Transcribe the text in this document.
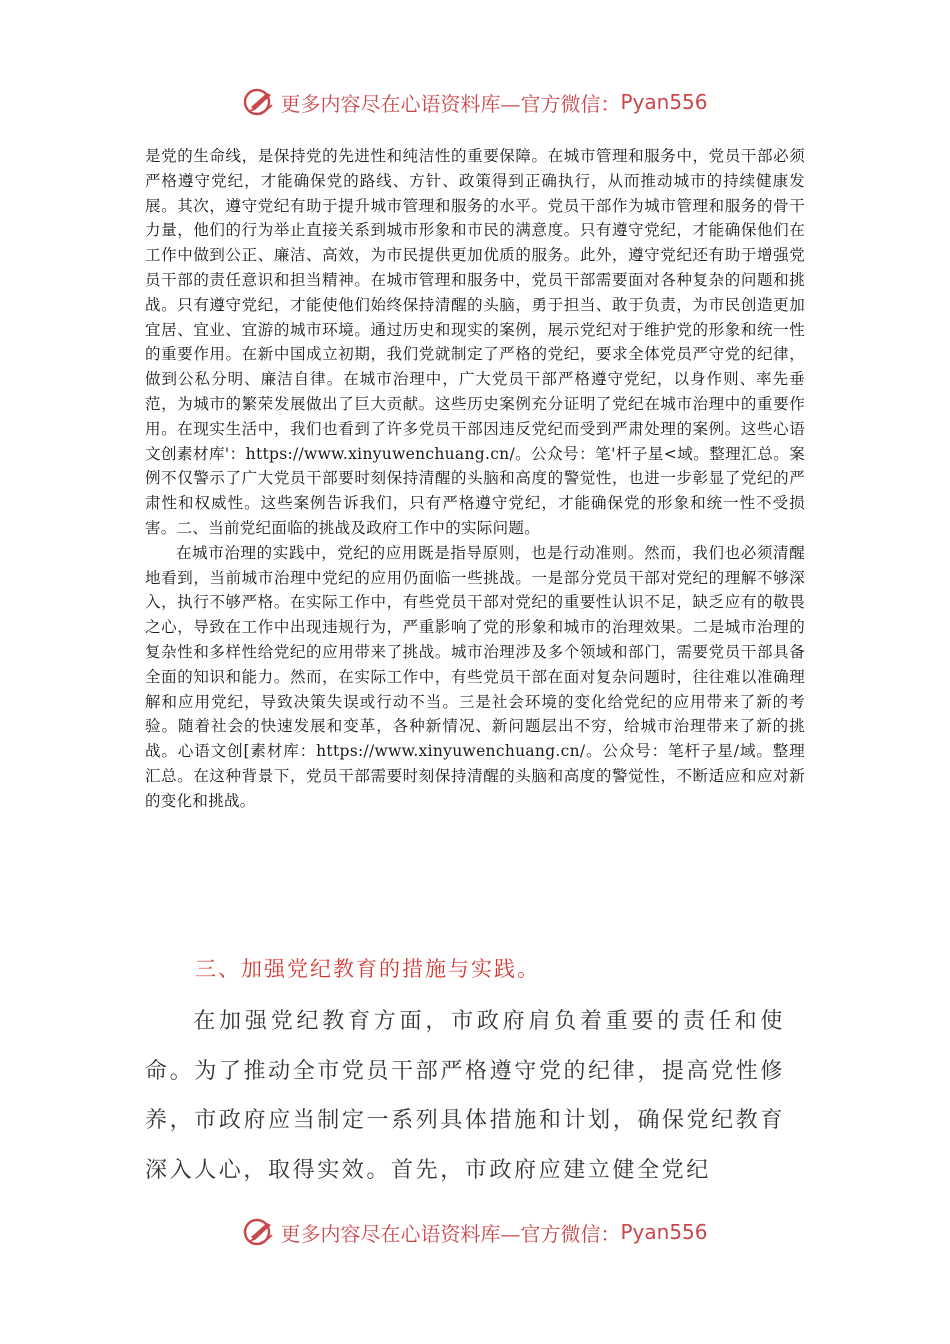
更多内容尽在心语资料库—官方微信： Pyan556

是党的生命线，是保持党的先进性和纯洁性的重要保障。在城市管理和服务中，党员干部必须严格遵守党纪，才能确保党的路线、方针、政策得到正确执行，从而推动城市的持续健康发展。其次，遵守党纪有助于提升城市管理和服务的水平。党员干部作为城市管理和服务的骨干力量，他们的行为举止直接关系到城市形象和市民的满意度。只有遵守党纪，才能确保他们在工作中做到公正、廉洁、高效，为市民提供更加优质的服务。此外，遵守党纪还有助于增强党员干部的责任意识和担当精神。在城市管理和服务中，党员干部需要面对各种复杂的问题和挑战。只有遵守党纪，才能使他们始终保持清醒的头脑，勇于担当、敢于负责，为市民创造更加宜居、宜业、宜游的城市环境。通过历史和现实的案例，展示党纪对于维护党的形象和统一性的重要作用。在新中国成立初期，我们党就制定了严格的党纪，要求全体党员严守党的纪律，做到公私分明、廉洁自律。在城市治理中，广大党员干部严格遵守党纪，以身作则、率先垂范，为城市的繁荣发展做出了巨大贡献。这些历史案例充分证明了党纪在城市治理中的重要作用。在现实生活中，我们也看到了许多党员干部因违反党纪而受到严肃处理的案例。这些心语文创素材库'：https://www.xinyuwenchuang.cn/。公众号：笔'杆子星<域。整理汇总。案例不仅警示了广大党员干部要时刻保持清醒的头脑和高度的警觉性，也进一步彰显了党纪的严肃性和权威性。这些案例告诉我们，只有严格遵守党纪，才能确保党的形象和统一性不受损害。二、当前党纪面临的挑战及政府工作中的实际问题。

在城市治理的实践中，党纪的应用既是指导原则，也是行动准则。然而，我们也必须清醒地看到，当前城市治理中党纪的应用仍面临一些挑战。一是部分党员干部对党纪的理解不够深入，执行不够严格。在实际工作中，有些党员干部对党纪的重要性认识不足，缺乏应有的敬畏之心，导致在工作中出现违规行为，严重影响了党的形象和城市的治理效果。二是城市治理的复杂性和多样性给党纪的应用带来了挑战。城市治理涉及多个领域和部门，需要党员干部具备全面的知识和能力。然而，在实际工作中，有些党员干部在面对复杂问题时，往往难以准确理解和应用党纪，导致决策失误或行动不当。三是社会环境的变化给党纪的应用带来了新的考验。随着社会的快速发展和变革，各种新情况、新问题层出不穷，给城市治理带来了新的挑战。心语文创[素材库：https://www.xinyuwenchuang.cn/。公众号：笔杆子星/域。整理汇总。在这种背景下，党员干部需要时刻保持清醒的头脑和高度的警觉性，不断适应和应对新的变化和挑战。

三、加强党纪教育的措施与实践。
在加强党纪教育方面，市政府肩负着重要的责任和使命。为了推动全市党员干部严格遵守党的纪律，提高党性修养，市政府应当制定一系列具体措施和计划，确保党纪教育深入人心，取得实效。首先，市政府应建立健全党纪
更多内容尽在心语资料库—官方微信： Pyan556
